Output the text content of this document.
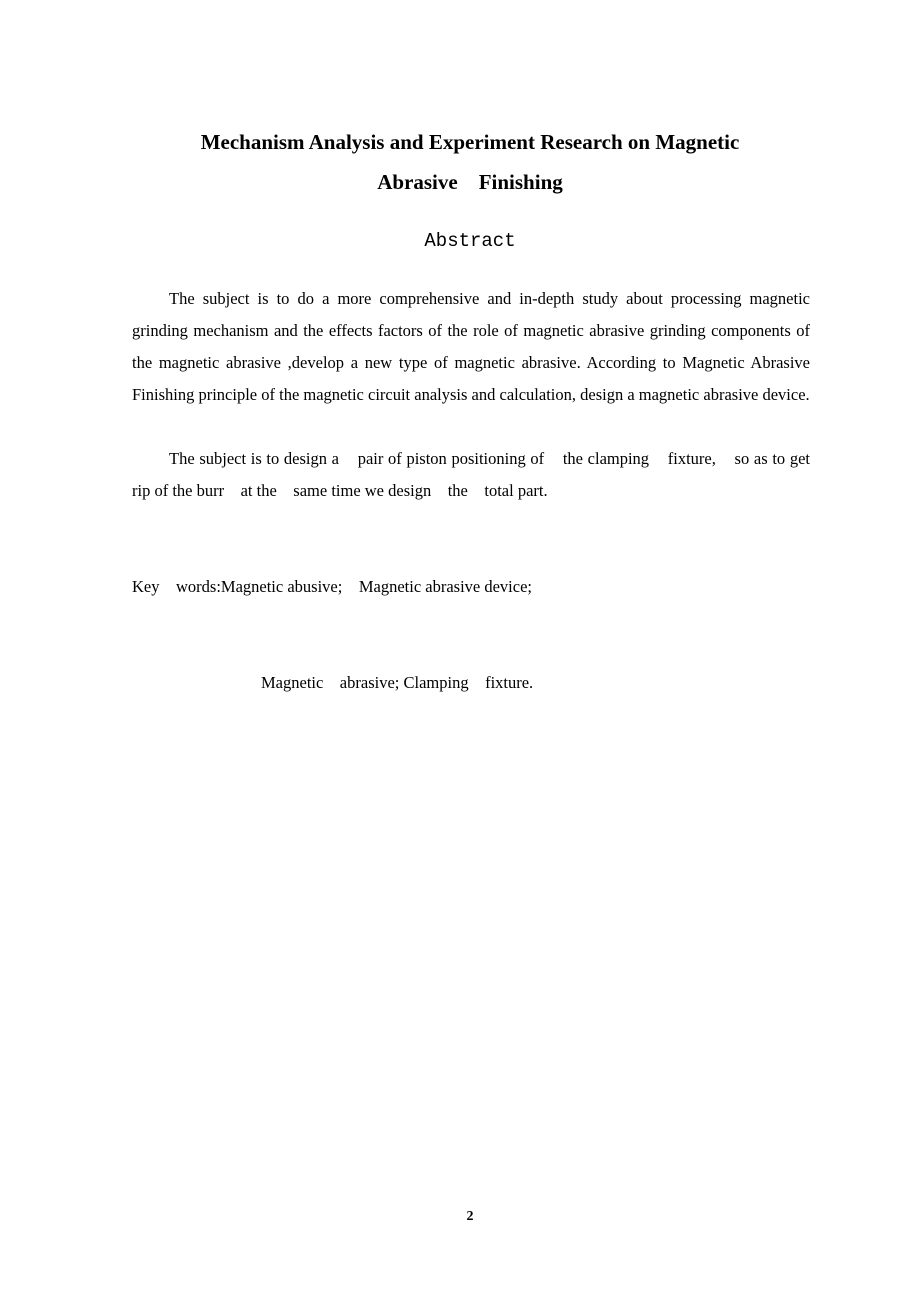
Mechanism Analysis and Experiment Research on Magnetic
Abrasive    Finishing
Abstract

The subject is to do a more comprehensive and in-depth study about processing magnetic grinding mechanism and the effects factors of the role of magnetic abrasive grinding components of the magnetic abrasive ,develop a new type of magnetic abrasive. According to Magnetic Abrasive Finishing principle of the magnetic circuit analysis and calculation, design a magnetic abrasive device.

The subject is to design a    pair of piston positioning of    the clamping    fixture,    so as to get rip of the burr    at the    same time we design    the    total part.

Key    words:Magnetic abusive;    Magnetic abrasive device;

Magnetic    abrasive; Clamping    fixture.

2
